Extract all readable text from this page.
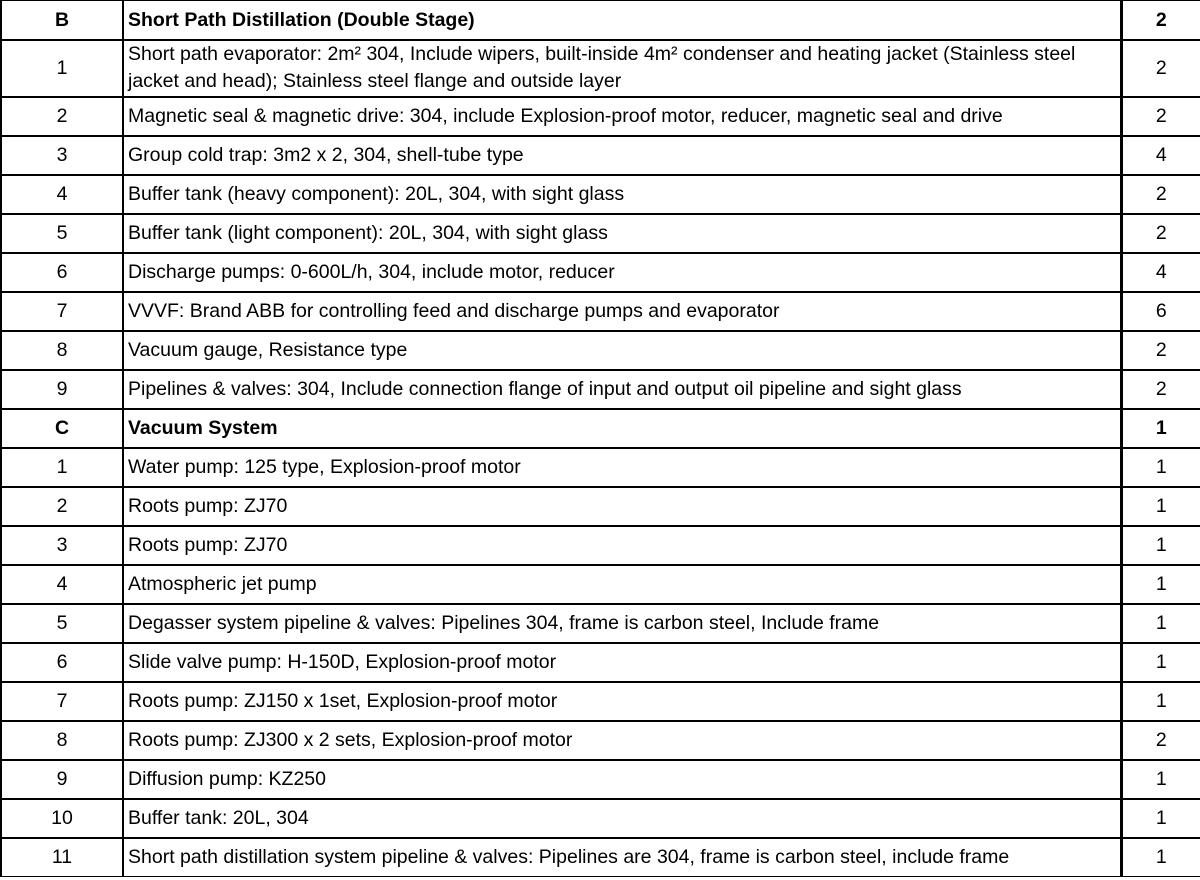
B	Short Path Distillation (Double Stage)	2
1	Short path evaporator: 2m² 304, Include wipers, built-inside 4m² condenser and heating jacket (Stainless steel jacket and head); Stainless steel flange and outside layer	2
2	Magnetic seal & magnetic drive: 304, include Explosion-proof motor, reducer, magnetic seal and drive	2
3	Group cold trap: 3m2 x 2, 304, shell-tube type	4
4	Buffer tank (heavy component): 20L, 304, with sight glass	2
5	Buffer tank (light component): 20L, 304, with sight glass	2
6	Discharge pumps: 0-600L/h, 304, include motor, reducer	4
7	VVVF: Brand ABB for controlling feed and discharge pumps and evaporator	6
8	Vacuum gauge, Resistance type	2
9	Pipelines & valves: 304, Include connection flange of input and output oil pipeline and sight glass	2
C	Vacuum System	1
1	Water pump: 125 type, Explosion-proof motor	1
2	Roots pump: ZJ70	1
3	Roots pump: ZJ70	1
4	Atmospheric jet pump	1
5	Degasser system pipeline & valves: Pipelines 304, frame is carbon steel, Include frame	1
6	Slide valve pump: H-150D, Explosion-proof motor	1
7	Roots pump: ZJ150 x 1set, Explosion-proof motor	1
8	Roots pump: ZJ300 x 2 sets, Explosion-proof motor	2
9	Diffusion pump: KZ250	1
10	Buffer tank: 20L, 304	1
11	Short path distillation system pipeline & valves: Pipelines are 304, frame is carbon steel, include frame	1
